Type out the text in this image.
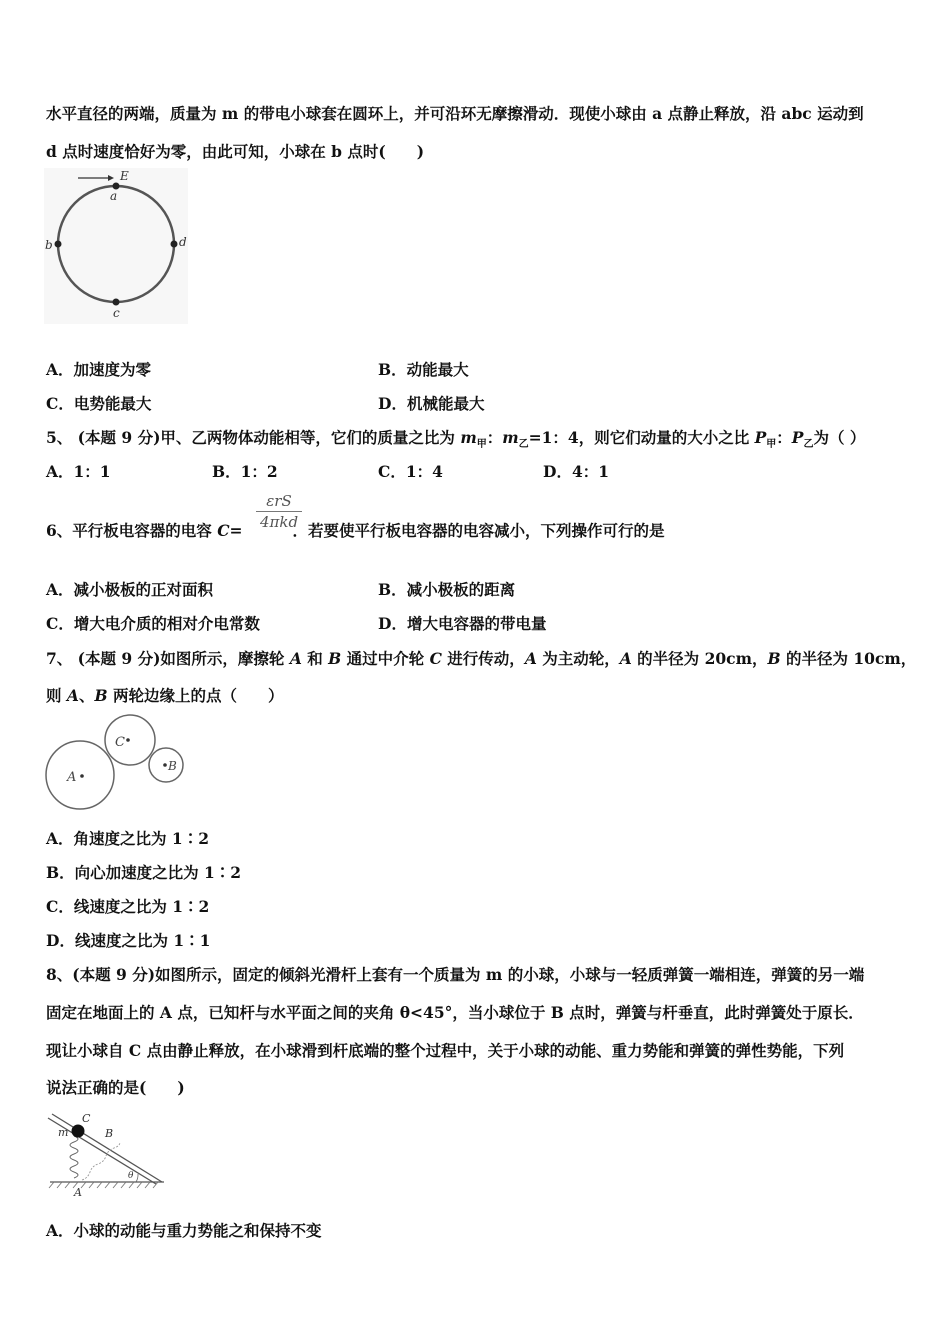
水平直径的两端，质量为 m 的带电小球套在圆环上，并可沿环无摩擦滑动．现使小球由 a 点静止释放，沿 abc 运动到
d 点时速度恰好为零，由此可知，小球在 b 点时(　　)
E
a
b	d
c
A．加速度为零	B．动能最大
C．电势能最大	D．机械能最大
5、 (本题 9 分)甲、乙两物体动能相等，它们的质量之比为 $m_甲$：$m_乙=1$：4，则它们动量的大小之比 $P_甲$：$P_乙$为（ ）
A．1：1	B．1：2	C．1：4	D．4：1
6、平行板电容器的电容 C=	．若要使平行板电容器的电容减小，下列操作可行的是
εrS
4πkd
A．减小极板的正对面积	B．减小极板的距离
C．增大电介质的相对介电常数	D．增大电容器的带电量
7、 (本题 9 分)如图所示，摩擦轮 A 和 B 通过中介轮 C 进行传动，A 为主动轮，A 的半径为 20cm，B 的半径为 10cm，
则 A、B 两轮边缘上的点（　　）
A
C
B
A．角速度之比为 1∶2
B．向心加速度之比为 1∶2
C．线速度之比为 1∶2
D．线速度之比为 1∶1
8、(本题 9 分)如图所示，固定的倾斜光滑杆上套有一个质量为 m 的小球，小球与一轻质弹簧一端相连，弹簧的另一端
固定在地面上的 A 点，已知杆与水平面之间的夹角 θ<45°，当小球位于 B 点时，弹簧与杆垂直，此时弹簧处于原长．
现让小球自 C 点由静止释放，在小球滑到杆底端的整个过程中，关于小球的动能、重力势能和弹簧的弹性势能，下列
说法正确的是(　　)
C
m	B
θ
A
A．小球的动能与重力势能之和保持不变
